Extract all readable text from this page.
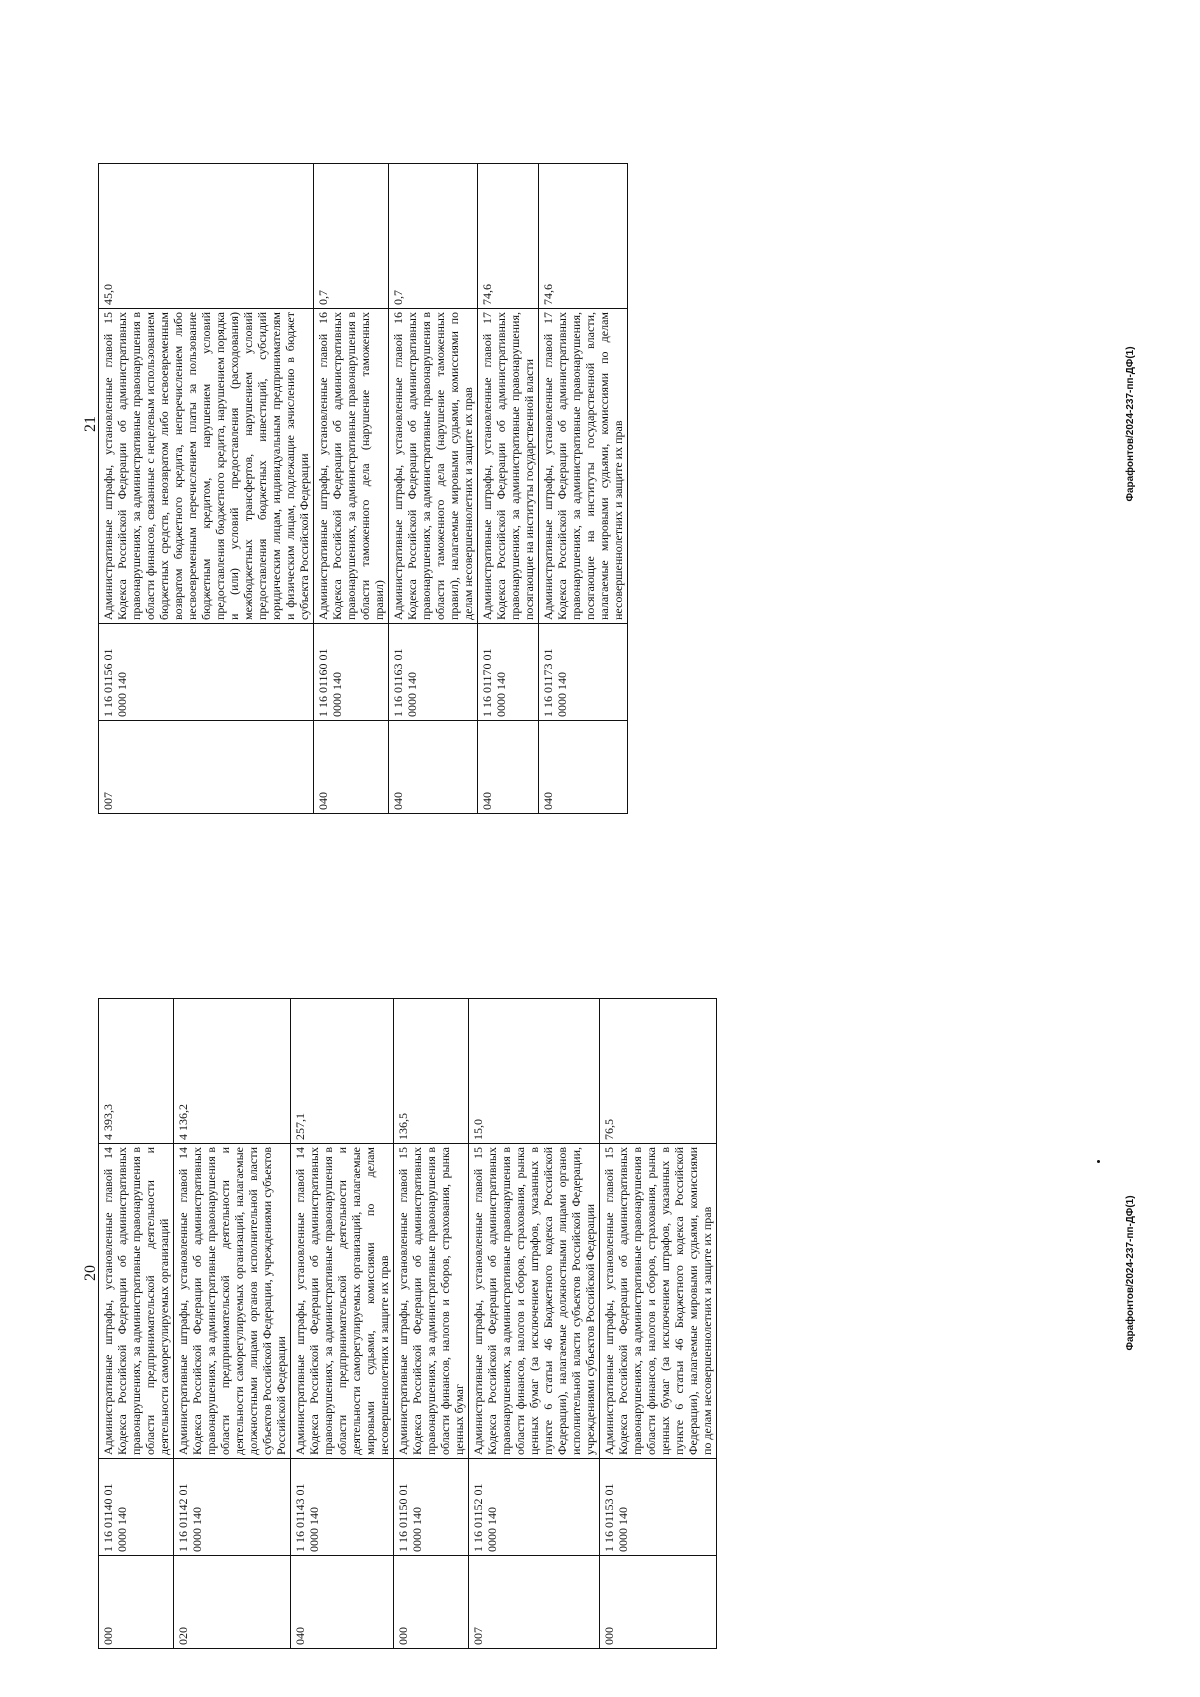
20
000	1 16 01140 01 0000 140	Административные штрафы, установленные главой 14 Кодекса Российской Федерации об административных правонарушениях, за административные правонарушения в области предпринимательской деятельности и деятельности саморегулируемых организаций	4 393,3
020	1 16 01142 01 0000 140	Административные штрафы, установленные главой 14 Кодекса Российской Федерации об административных правонарушениях, за административные правонарушения в области предпринимательской деятельности и деятельности саморегулируемых организаций, налагаемые должностными лицами органов исполнительной власти субъектов Российской Федерации, учреждениями субъектов Российской Федерации	4 136,2
040	1 16 01143 01 0000 140	Административные штрафы, установленные главой 14 Кодекса Российской Федерации об административных правонарушениях, за административные правонарушения в области предпринимательской деятельности и деятельности саморегулируемых организаций, налагаемые мировыми судьями, комиссиями по делам несовершеннолетних и защите их прав	257,1
000	1 16 01150 01 0000 140	Административные штрафы, установленные главой 15 Кодекса Российской Федерации об административных правонарушениях, за административные правонарушения в области финансов, налогов и сборов, страхования, рынка ценных бумаг	136,5
007	1 16 01152 01 0000 140	Административные штрафы, установленные главой 15 Кодекса Российской Федерации об административных правонарушениях, за административные правонарушения в области финансов, налогов и сборов, страхования, рынка ценных бумаг (за исключением штрафов, указанных в пункте 6 статьи 46 Бюджетного кодекса Российской Федерации), налагаемые должностными лицами органов исполнительной власти субъектов Российской Федерации, учреждениями субъектов Российской Федерации	15,0
000	1 16 01153 01 0000 140	Административные штрафы, установленные главой 15 Кодекса Российской Федерации об административных правонарушениях, за административные правонарушения в области финансов, налогов и сборов, страхования, рынка ценных бумаг (за исключением штрафов, указанных в пункте 6 статьи 46 Бюджетного кодекса Российской Федерации), налагаемые мировыми судьями, комиссиями по делам несовершеннолетних и защите их прав	76,5
Фарафонтов/2024-237-пп-ДФ(1)
21
007	1 16 01156 01 0000 140	Административные штрафы, установленные главой 15 Кодекса Российской Федерации об административных правонарушениях, за административные правонарушения в области финансов, связанные с нецелевым использованием бюджетных средств, невозвратом либо несвоевременным возвратом бюджетного кредита, неперечислением либо несвоевременным перечислением платы за пользование бюджетным кредитом, нарушением условий предоставления бюджетного кредита, нарушением порядка и (или) условий предоставления (расходования) межбюджетных трансфертов, нарушением условий предоставления бюджетных инвестиций, субсидий юридическим лицам, индивидуальным предпринимателям и физическим лицам, подлежащие зачислению в бюджет субъекта Российской Федерации	45,0
040	1 16 01160 01 0000 140	Административные штрафы, установленные главой 16 Кодекса Российской Федерации об административных правонарушениях, за административные правонарушения в области таможенного дела (нарушение таможенных правил)	0,7
040	1 16 01163 01 0000 140	Административные штрафы, установленные главой 16 Кодекса Российской Федерации об административных правонарушениях, за административные правонарушения в области таможенного дела (нарушение таможенных правил), налагаемые мировыми судьями, комиссиями по делам несовершеннолетних и защите их прав	0,7
040	1 16 01170 01 0000 140	Административные штрафы, установленные главой 17 Кодекса Российской Федерации об административных правонарушениях, за административные правонарушения, посягающие на институты государственной власти	74,6
040	1 16 01173 01 0000 140	Административные штрафы, установленные главой 17 Кодекса Российской Федерации об административных правонарушениях, за административные правонарушения, посягающие на институты государственной власти, налагаемые мировыми судьями, комиссиями по делам несовершеннолетних и защите их прав	74,6
Фарафонтов/2024-237-пп-ДФ(1)
